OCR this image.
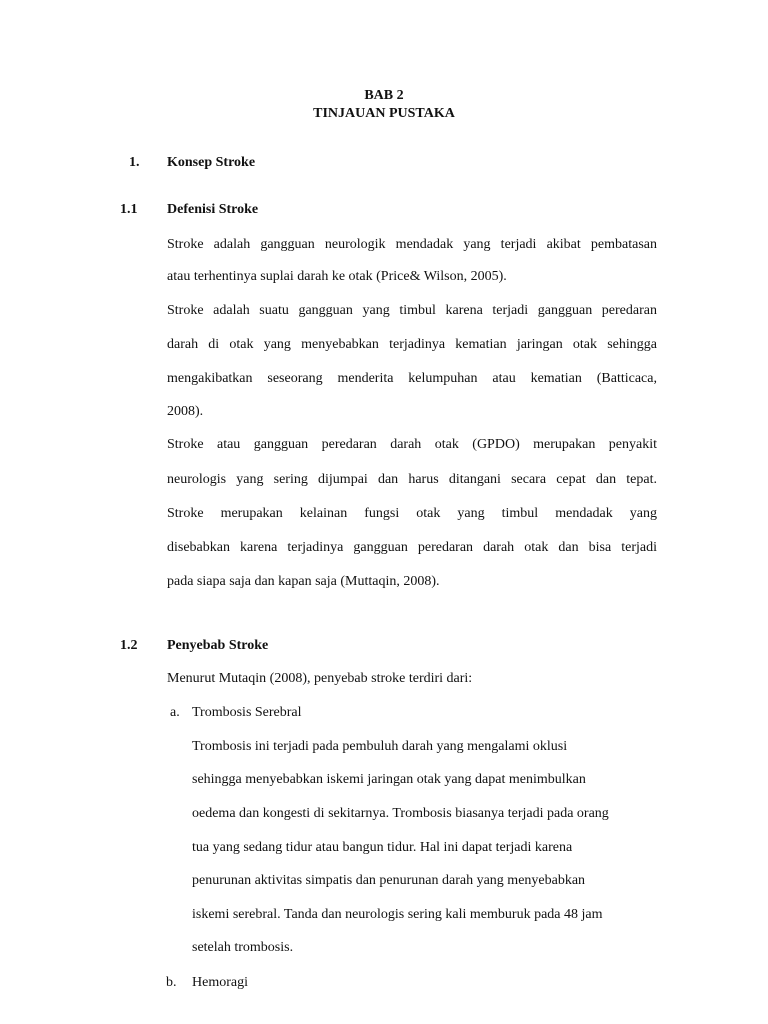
BAB 2
TINJAUAN PUSTAKA
1. Konsep Stroke
1.1 Defenisi Stroke
Stroke adalah gangguan neurologik mendadak yang terjadi akibat pembatasan
atau terhentinya suplai darah ke otak (Price& Wilson, 2005).
Stroke adalah suatu gangguan yang timbul karena terjadi gangguan peredaran
darah di otak yang menyebabkan terjadinya kematian jaringan otak sehingga
mengakibatkan seseorang menderita kelumpuhan atau kematian (Batticaca,
2008).
Stroke atau gangguan peredaran darah otak (GPDO) merupakan penyakit
neurologis yang sering dijumpai dan harus ditangani secara cepat dan tepat.
Stroke merupakan kelainan fungsi otak yang timbul mendadak yang
disebabkan karena terjadinya gangguan peredaran darah otak dan bisa terjadi
pada siapa saja dan kapan saja (Muttaqin, 2008).
1.2 Penyebab Stroke
Menurut Mutaqin (2008), penyebab stroke terdiri dari:
a. Trombosis Serebral
Trombosis ini terjadi pada pembuluh darah yang mengalami oklusi
sehingga menyebabkan iskemi jaringan otak yang dapat menimbulkan
oedema dan kongesti di sekitarnya. Trombosis biasanya terjadi pada orang
tua yang sedang tidur atau bangun tidur. Hal ini dapat terjadi karena
penurunan aktivitas simpatis dan penurunan darah yang menyebabkan
iskemi serebral. Tanda dan neurologis sering kali memburuk pada 48 jam
setelah trombosis.
b. Hemoragi
